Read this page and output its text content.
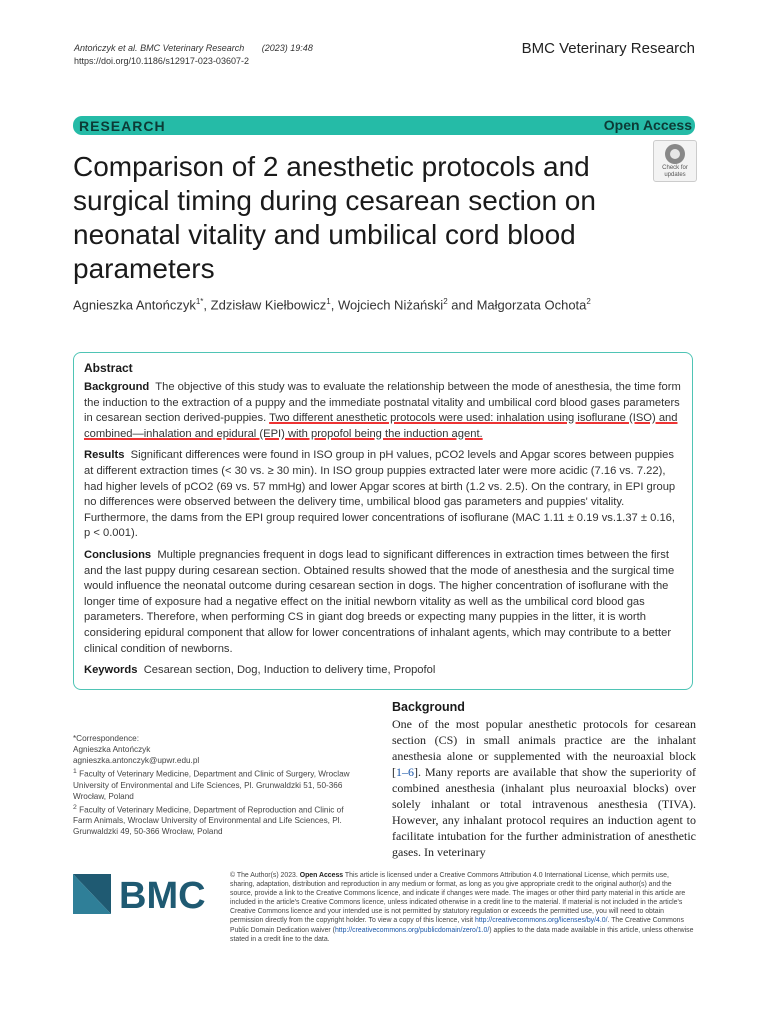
Antończyk et al. BMC Veterinary Research (2023) 19:48
https://doi.org/10.1186/s12917-023-03607-2
BMC Veterinary Research
RESEARCH	Open Access
Comparison of 2 anesthetic protocols and surgical timing during cesarean section on neonatal vitality and umbilical cord blood parameters
Check for
updates
Agnieszka Antończyk$^{1*}$, Zdzisław Kiełbowicz$^1$, Wojciech Niżański$^2$ and Małgorzata Ochota$^2$
Abstract

Background The objective of this study was to evaluate the relationship between the mode of anesthesia, the time form the induction to the extraction of a puppy and the immediate postnatal vitality and umbilical cord blood gases parameters in cesarean section derived-puppies. Two different anesthetic protocols were used: inhalation using isoflurane (ISO) and combined—inhalation and epidural (EPI) with propofol being the induction agent.

Results Significant differences were found in ISO group in pH values, pCO2 levels and Apgar scores between puppies at different extraction times (< 30 vs. ≥ 30 min). In ISO group puppies extracted later were more acidic (7.16 vs. 7.22), had higher levels of pCO2 (69 vs. 57 mmHg) and lower Apgar scores at birth (1.2 vs. 2.5). On the contrary, in EPI group no differences were observed between the delivery time, umbilical blood gas parameters and puppies' vitality. Furthermore, the dams from the EPI group required lower concentrations of isoflurane (MAC 1.11 ± 0.19 vs.1.37 ± 0.16, p < 0.001).

Conclusions Multiple pregnancies frequent in dogs lead to significant differences in extraction times between the first and the last puppy during cesarean section. Obtained results showed that the mode of anesthesia and the surgical time would influence the neonatal outcome during cesarean section in dogs. The higher concentration of isoflurane with the longer time of exposure had a negative effect on the initial newborn vitality as well as the umbilical cord blood gas parameters. Therefore, when performing CS in giant dog breeds or expecting many puppies in the litter, it is worth considering epidural component that allow for lower concentrations of inhalant agents, which may contribute to a better clinical condition of newborns.

Keywords Cesarean section, Dog, Induction to delivery time, Propofol

*Correspondence:
Agnieszka Antończyk
agnieszka.antonczyk@upwr.edu.pl
$^1$ Faculty of Veterinary Medicine, Department and Clinic of Surgery, Wroclaw University of Environmental and Life Sciences, Pl. Grunwaldzki 51, 50-366 Wrocław, Poland
$^2$ Faculty of Veterinary Medicine, Department of Reproduction and Clinic of Farm Animals, Wroclaw University of Environmental and Life Sciences, Pl. Grunwaldzki 49, 50-366 Wrocław, Poland
Background

One of the most popular anesthetic protocols for cesarean section (CS) in small animals practice are the inhalant anesthesia alone or supplemented with the neuroaxial block [1–6]. Many reports are available that show the superiority of combined anesthesia (inhalant plus neuroaxial blocks) over solely inhalant or total intravenous anesthesia (TIVA). However, any inhalant protocol requires an induction agent to facilitate intubation for the further administration of anesthetic gases. In veterinary

BMC	© The Author(s) 2023. Open Access This article is licensed under a Creative Commons Attribution 4.0 International License, which permits use, sharing, adaptation, distribution and reproduction in any medium or format, as long as you give appropriate credit to the original author(s) and the source, provide a link to the Creative Commons licence, and indicate if changes were made. The images or other third party material in this article are included in the article's Creative Commons licence, unless indicated otherwise in a credit line to the material. If material is not included in the article's Creative Commons licence and your intended use is not permitted by statutory regulation or exceeds the permitted use, you will need to obtain permission directly from the copyright holder. To view a copy of this licence, visit http://creativecommons.org/licenses/by/4.0/. The Creative Commons Public Domain Dedication waiver (http://creativecommons.org/publicdomain/zero/1.0/) applies to the data made available in this article, unless otherwise stated in a credit line to the data.
